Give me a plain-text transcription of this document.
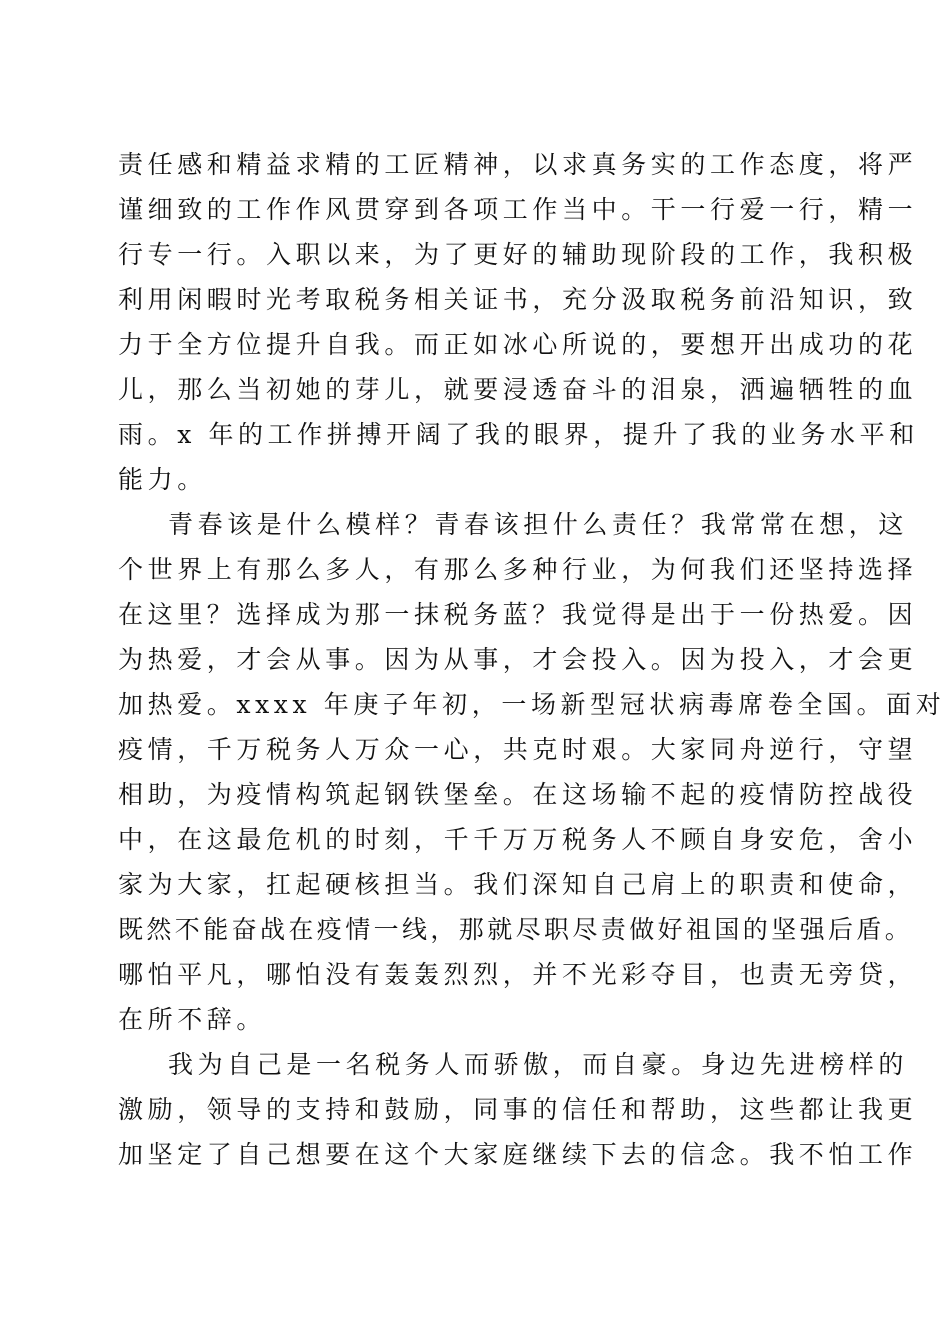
责任感和精益求精的工匠精神，以求真务实的工作态度，将严
谨细致的工作作风贯穿到各项工作当中。干一行爱一行，精一
行专一行。入职以来，为了更好的辅助现阶段的工作，我积极
利用闲暇时光考取税务相关证书，充分汲取税务前沿知识，致
力于全方位提升自我。而正如冰心所说的，要想开出成功的花
儿，那么当初她的芽儿，就要浸透奋斗的泪泉，洒遍牺牲的血
雨。x 年的工作拼搏开阔了我的眼界，提升了我的业务水平和
能力。
青春该是什么模样？青春该担什么责任？我常常在想，这
个世界上有那么多人，有那么多种行业，为何我们还坚持选择
在这里？选择成为那一抹税务蓝？我觉得是出于一份热爱。因
为热爱，才会从事。因为从事，才会投入。因为投入，才会更
加热爱。xxxx 年庚子年初，一场新型冠状病毒席卷全国。面对
疫情，千万税务人万众一心，共克时艰。大家同舟逆行，守望
相助，为疫情构筑起钢铁堡垒。在这场输不起的疫情防控战役
中，在这最危机的时刻，千千万万税务人不顾自身安危，舍小
家为大家，扛起硬核担当。我们深知自己肩上的职责和使命，
既然不能奋战在疫情一线，那就尽职尽责做好祖国的坚强后盾。
哪怕平凡，哪怕没有轰轰烈烈，并不光彩夺目，也责无旁贷，
在所不辞。
我为自己是一名税务人而骄傲，而自豪。身边先进榜样的
激励，领导的支持和鼓励，同事的信任和帮助，这些都让我更
加坚定了自己想要在这个大家庭继续下去的信念。我不怕工作
